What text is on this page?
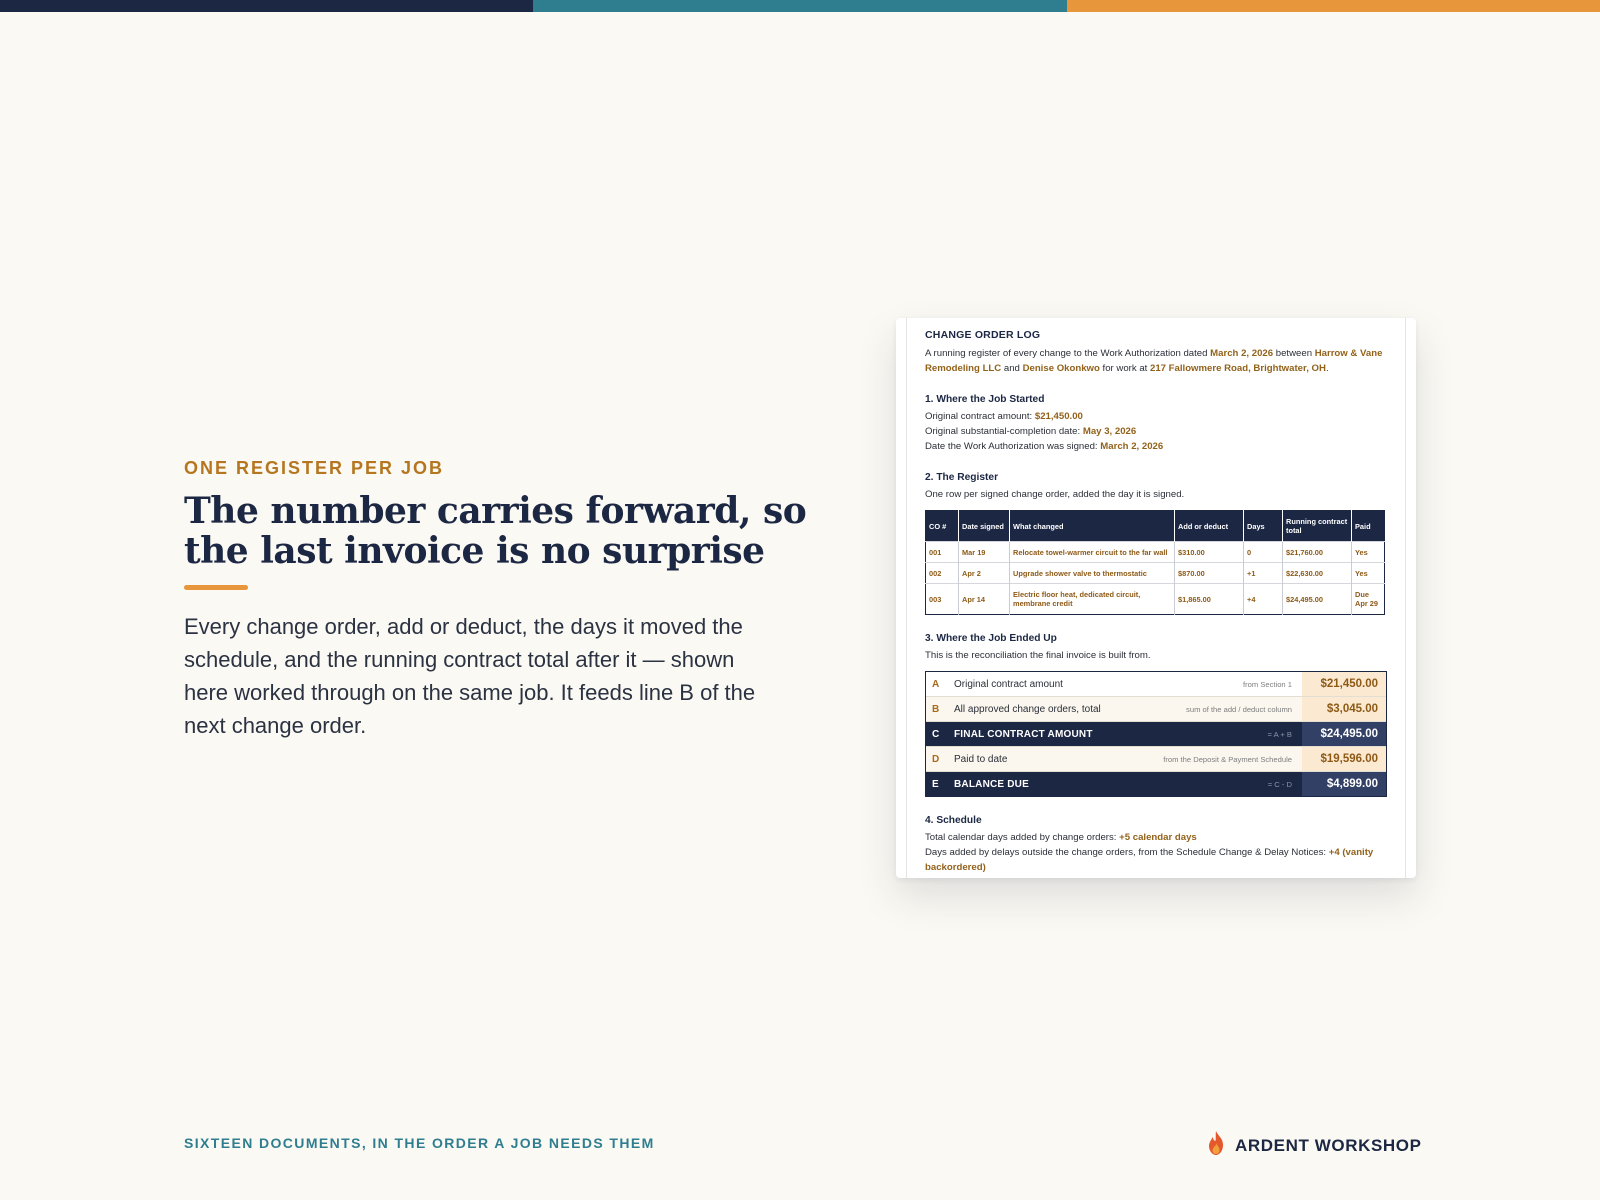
ONE REGISTER PER JOB

The number carries forward, so the last invoice is no surprise
Every change order, add or deduct, the days it moved the schedule, and the running contract total after it — shown here worked through on the same job. It feeds line B of the next change order.
CHANGE ORDER LOG

A running register of every change to the Work Authorization dated March 2, 2026 between Harrow & Vane Remodeling LLC and Denise Okonkwo for work at 217 Fallowmere Road, Brightwater, OH.

1. Where the Job Started

Original contract amount: $21,450.00

Original substantial-completion date: May 3, 2026

Date the Work Authorization was signed: March 2, 2026

2. The Register

One row per signed change order, added the day it is signed.

CO #	Date signed	What changed	Add or deduct	Days	Running contract total	Paid
001	Mar 19	Relocate towel-warmer circuit to the far wall	$310.00	0	$21,760.00	Yes
002	Apr 2	Upgrade shower valve to thermostatic	$870.00	+1	$22,630.00	Yes
003	Apr 14	Electric floor heat, dedicated circuit, membrane credit	$1,865.00	+4	$24,495.00	Due Apr 29
3. Where the Job Ended Up

This is the reconciliation the final invoice is built from.

A	Original contract amount	from Section 1	$21,450.00
B	All approved change orders, total	sum of the add / deduct column	$3,045.00
C	FINAL CONTRACT AMOUNT	= A + B	$24,495.00
D	Paid to date	from the Deposit & Payment Schedule	$19,596.00
E	BALANCE DUE	= C - D	$4,899.00
4. Schedule

Total calendar days added by change orders: +5 calendar days

Days added by delays outside the change orders, from the Schedule Change & Delay Notices: +4 (vanity backordered)

SIXTEEN DOCUMENTS, IN THE ORDER A JOB NEEDS THEM	ARDENT WORKSHOP
